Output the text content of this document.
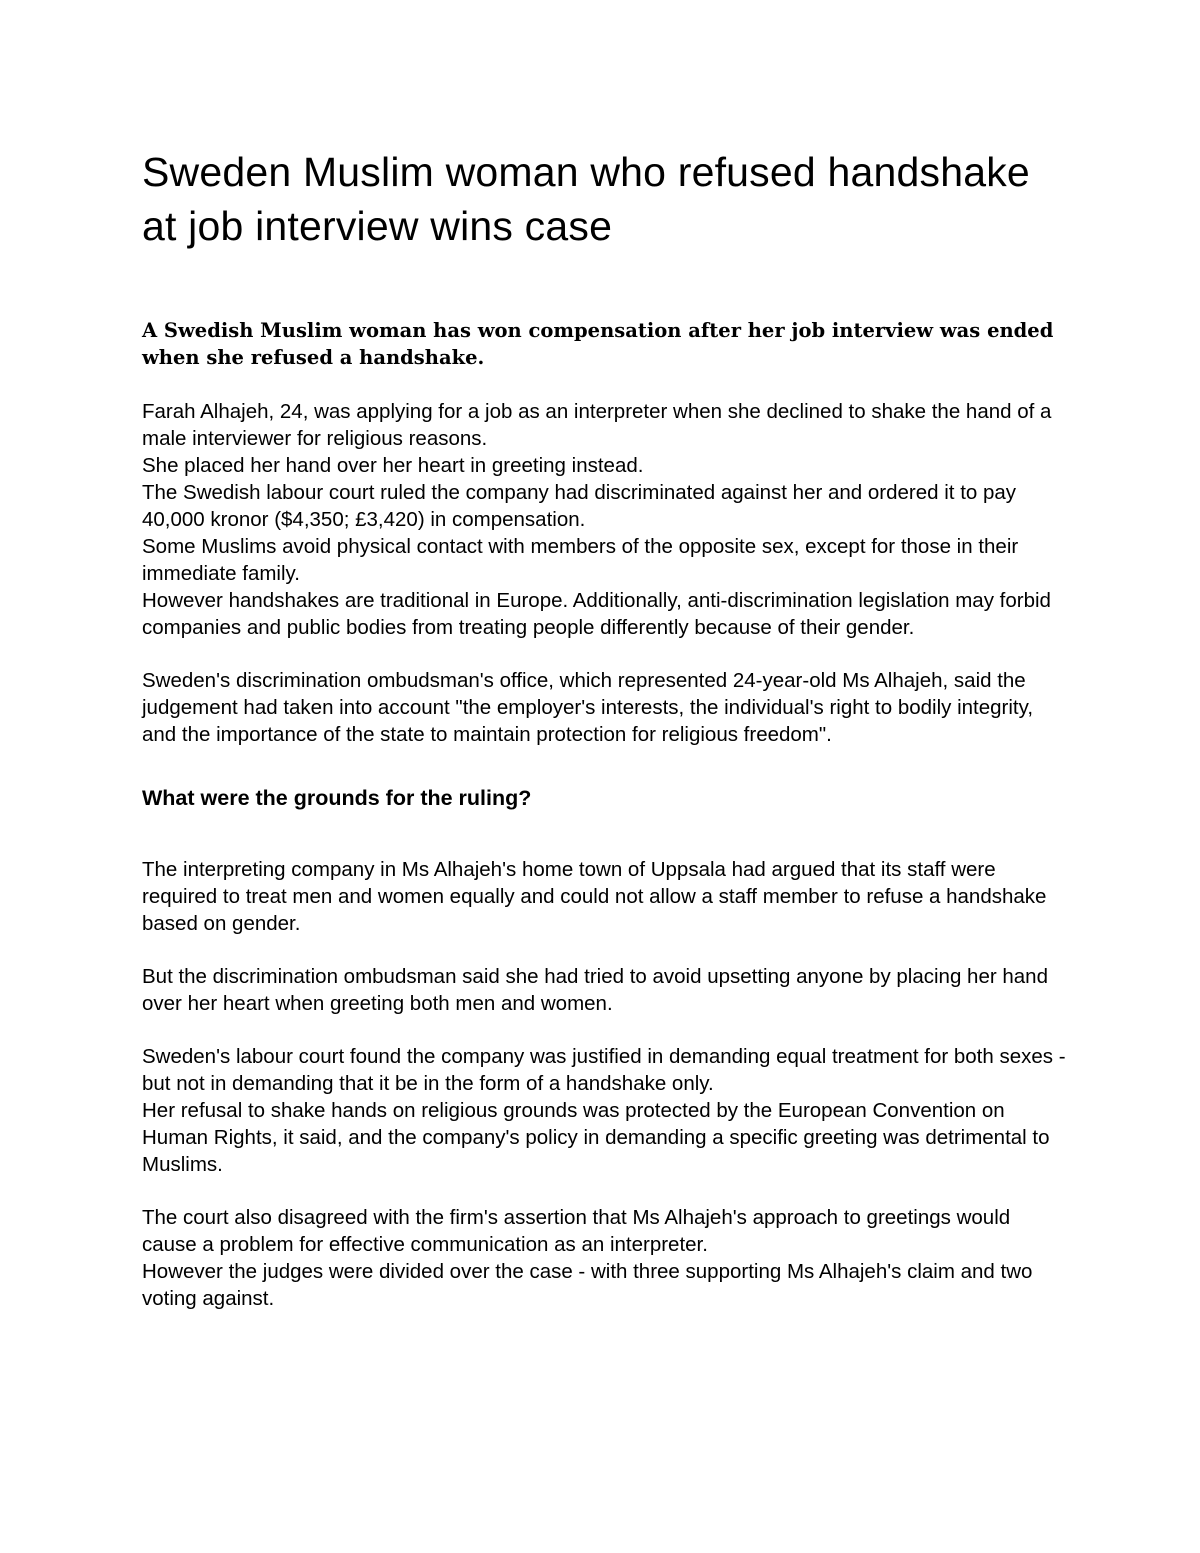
Sweden Muslim woman who refused handshake at job interview wins case

A Swedish Muslim woman has won compensation after her job interview was ended when she refused a handshake.

Farah Alhajeh, 24, was applying for a job as an interpreter when she declined to shake the hand of a male interviewer for religious reasons.

She placed her hand over her heart in greeting instead.

The Swedish labour court ruled the company had discriminated against her and ordered it to pay 40,000 kronor ($4,350; £3,420) in compensation.

Some Muslims avoid physical contact with members of the opposite sex, except for those in their immediate family.

However handshakes are traditional in Europe. Additionally, anti-discrimination legislation may forbid companies and public bodies from treating people differently because of their gender.

Sweden's discrimination ombudsman's office, which represented 24-year-old Ms Alhajeh, said the judgement had taken into account "the employer's interests, the individual's right to bodily integrity, and the importance of the state to maintain protection for religious freedom".

What were the grounds for the ruling?

The interpreting company in Ms Alhajeh's home town of Uppsala had argued that its staff were required to treat men and women equally and could not allow a staff member to refuse a handshake based on gender.

But the discrimination ombudsman said she had tried to avoid upsetting anyone by placing her hand over her heart when greeting both men and women.

Sweden's labour court found the company was justified in demanding equal treatment for both sexes - but not in demanding that it be in the form of a handshake only.

Her refusal to shake hands on religious grounds was protected by the European Convention on Human Rights, it said, and the company's policy in demanding a specific greeting was detrimental to Muslims.

The court also disagreed with the firm's assertion that Ms Alhajeh's approach to greetings would cause a problem for effective communication as an interpreter.

However the judges were divided over the case - with three supporting Ms Alhajeh's claim and two voting against.
